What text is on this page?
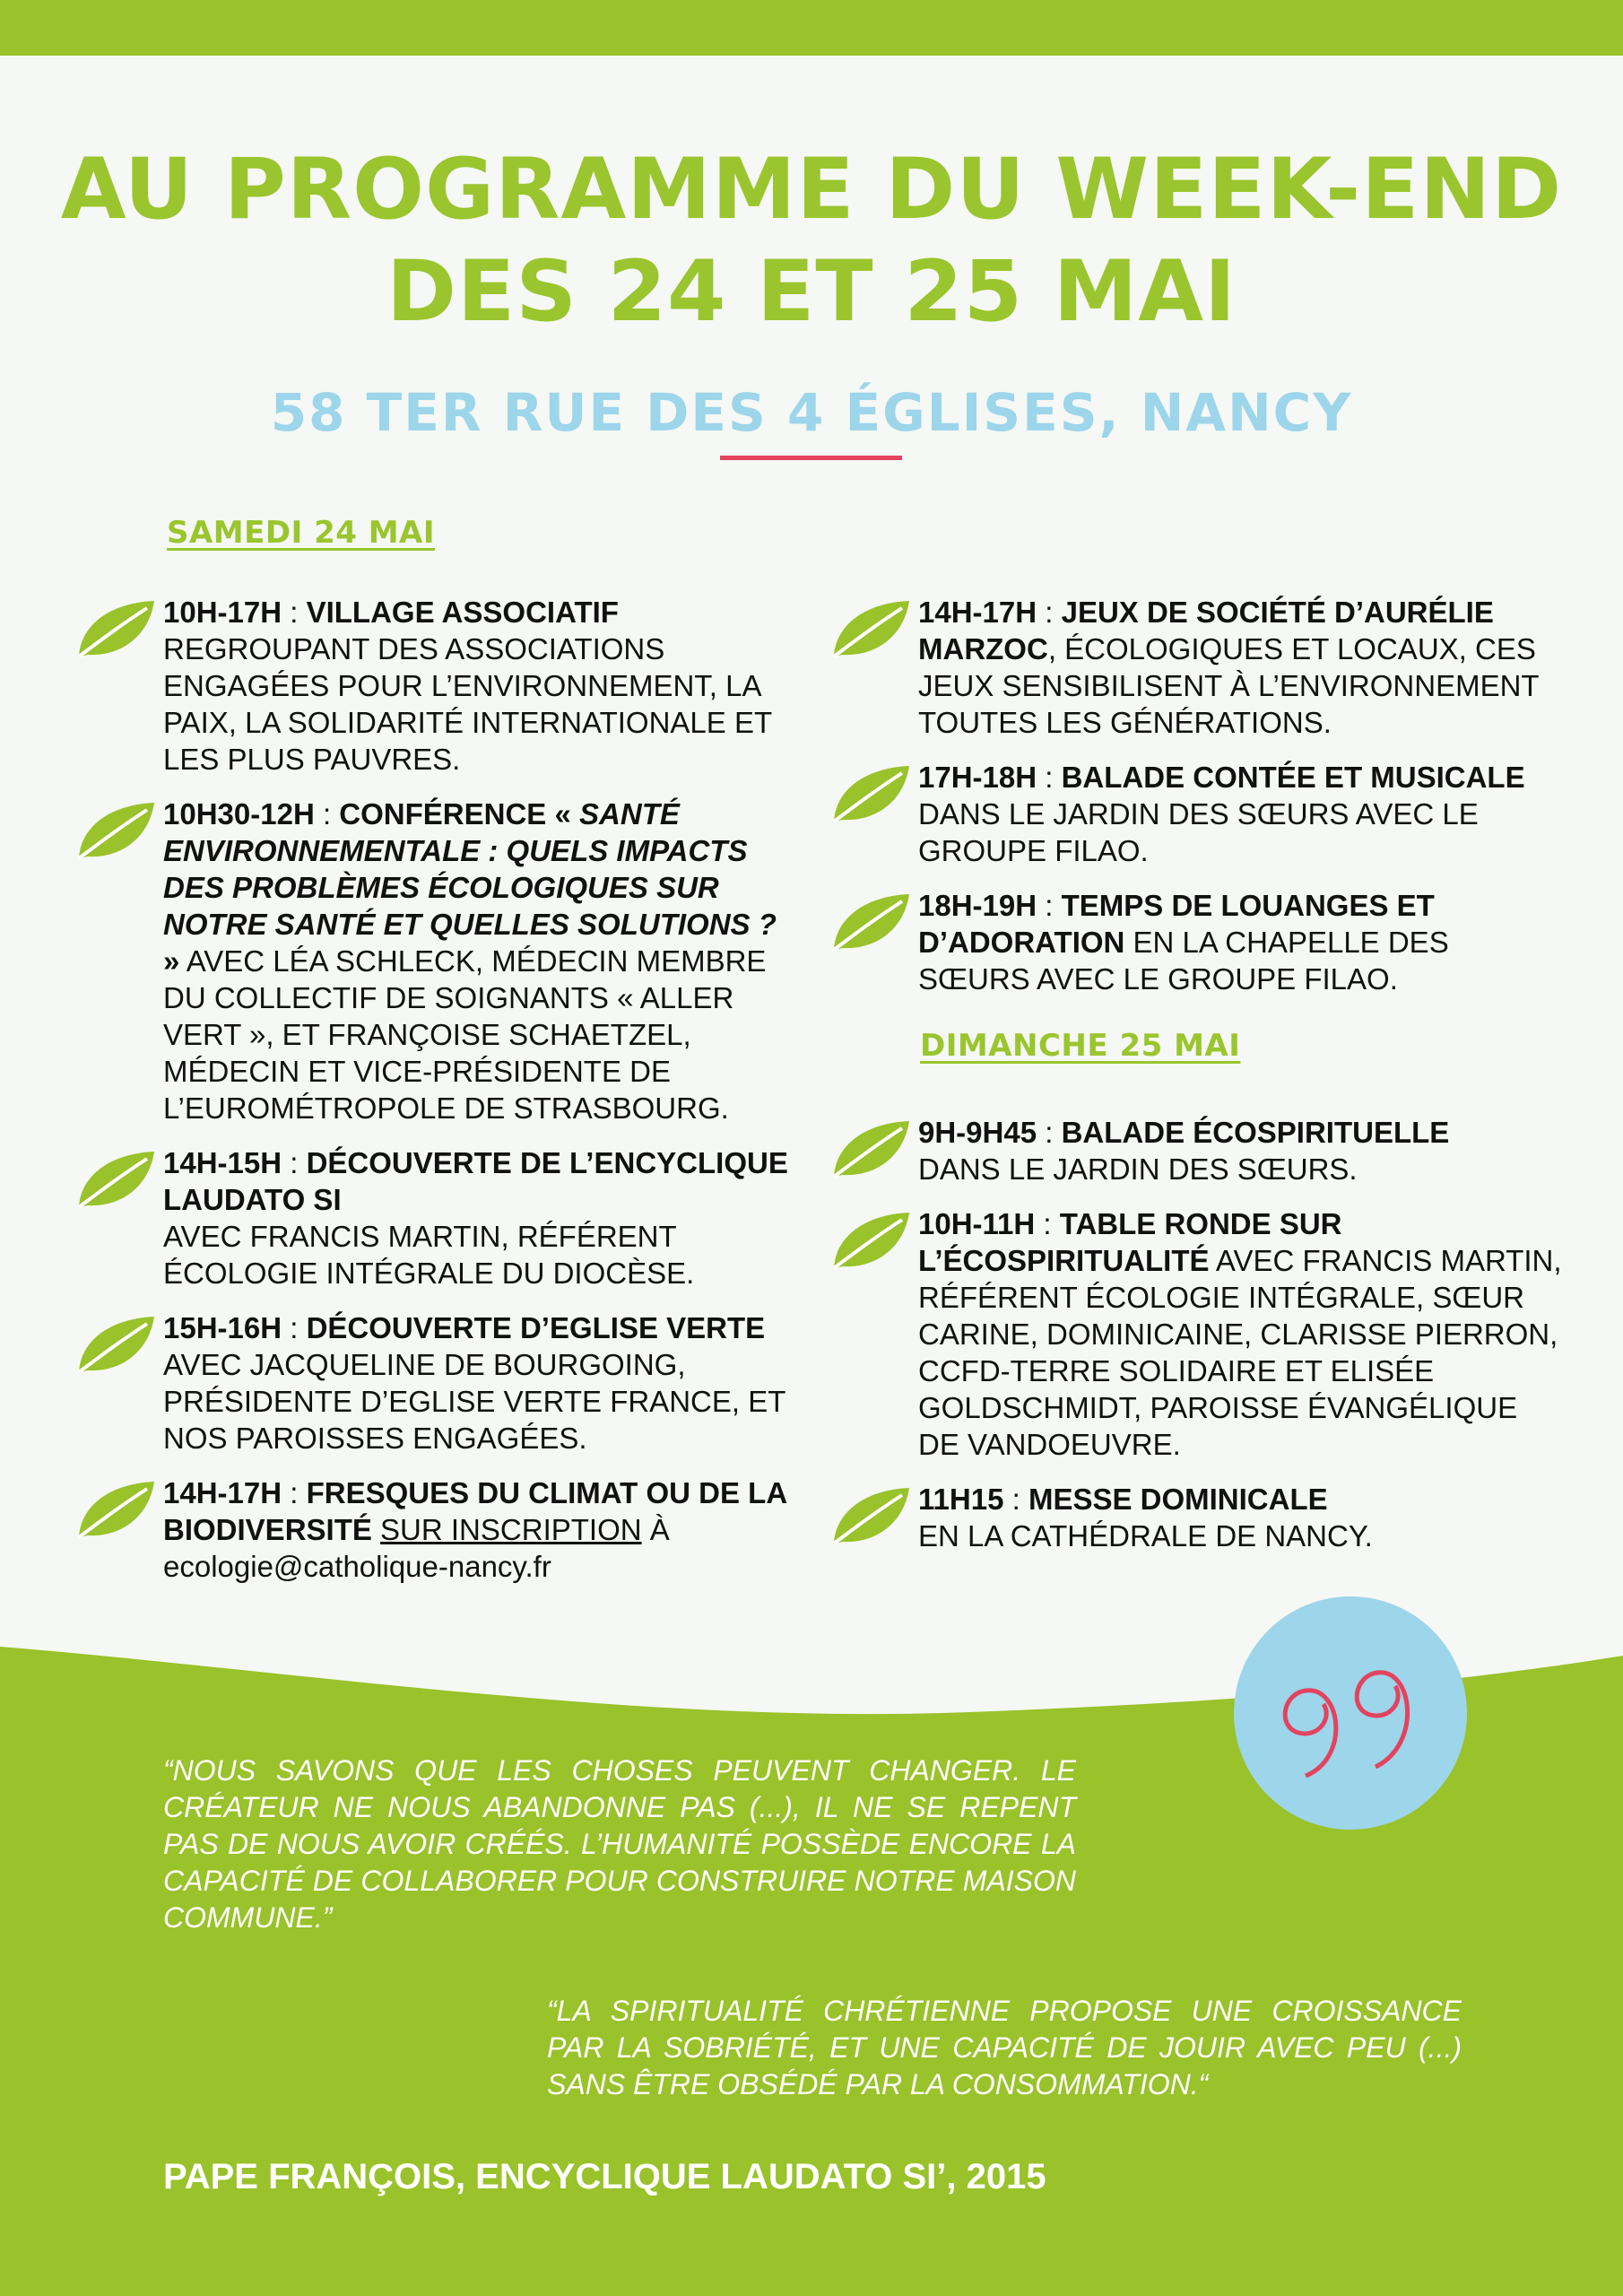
AU PROGRAMME DU WEEK-END
DES 24 ET 25 MAI
58 TER RUE DES 4 ÉGLISES, NANCY
SAMEDI 24 MAI
10H-17H : VILLAGE ASSOCIATIF
REGROUPANT DES ASSOCIATIONS ENGAGÉES POUR L’ENVIRONNEMENT, LA PAIX, LA SOLIDARITÉ INTERNATIONALE ET LES PLUS PAUVRES.
10H30-12H : CONFÉRENCE « SANTÉ ENVIRONNEMENTALE : QUELS IMPACTS DES PROBLÈMES ÉCOLOGIQUES SUR NOTRE SANTÉ ET QUELLES SOLUTIONS ?
» AVEC LÉA SCHLECK, MÉDECIN MEMBRE DU COLLECTIF DE SOIGNANTS « ALLER VERT », ET FRANÇOISE SCHAETZEL, MÉDECIN ET VICE-PRÉSIDENTE DE L’EUROMÉTROPOLE DE STRASBOURG.
14H-15H : DÉCOUVERTE DE L’ENCYCLIQUE LAUDATO SI
AVEC FRANCIS MARTIN, RÉFÉRENT ÉCOLOGIE INTÉGRALE DU DIOCÈSE.
15H-16H : DÉCOUVERTE D’EGLISE VERTE
AVEC JACQUELINE DE BOURGOING, PRÉSIDENTE D’EGLISE VERTE FRANCE, ET NOS PAROISSES ENGAGÉES.
14H-17H : FRESQUES DU CLIMAT OU DE LA BIODIVERSITÉ SUR INSCRIPTION À
ecologie@catholique-nancy.fr
14H-17H : JEUX DE SOCIÉTÉ D’AURÉLIE MARZOC, ÉCOLOGIQUES ET LOCAUX, CES JEUX SENSIBILISENT À L’ENVIRONNEMENT TOUTES LES GÉNÉRATIONS.
17H-18H : BALADE CONTÉE ET MUSICALE
DANS LE JARDIN DES SŒURS AVEC LE GROUPE FILAO.
18H-19H : TEMPS DE LOUANGES ET D’ADORATION EN LA CHAPELLE DES SŒURS AVEC LE GROUPE FILAO.
DIMANCHE 25 MAI
9H-9H45 : BALADE ÉCOSPIRITUELLE
DANS LE JARDIN DES SŒURS.
10H-11H : TABLE RONDE SUR L’ÉCOSPIRITUALITÉ AVEC FRANCIS MARTIN, RÉFÉRENT ÉCOLOGIE INTÉGRALE, SŒUR CARINE, DOMINICAINE, CLARISSE PIERRON, CCFD-TERRE SOLIDAIRE ET ELISÉE GOLDSCHMIDT, PAROISSE ÉVANGÉLIQUE DE VANDOEUVRE.
11H15 : MESSE DOMINICALE
EN LA CATHÉDRALE DE NANCY.
“NOUS SAVONS QUE LES CHOSES PEUVENT CHANGER. LE CRÉATEUR NE NOUS ABANDONNE PAS (...), IL NE SE REPENT PAS DE NOUS AVOIR CRÉÉS. L’HUMANITÉ POSSÈDE ENCORE LA CAPACITÉ DE COLLABORER POUR CONSTRUIRE NOTRE MAISON COMMUNE.”
“LA SPIRITUALITÉ CHRÉTIENNE PROPOSE UNE CROISSANCE PAR LA SOBRIÉTÉ, ET UNE CAPACITÉ DE JOUIR AVEC PEU (...) SANS ÊTRE OBSÉDÉ PAR LA CONSOMMATION.“
PAPE FRANÇOIS, ENCYCLIQUE LAUDATO SI’, 2015
